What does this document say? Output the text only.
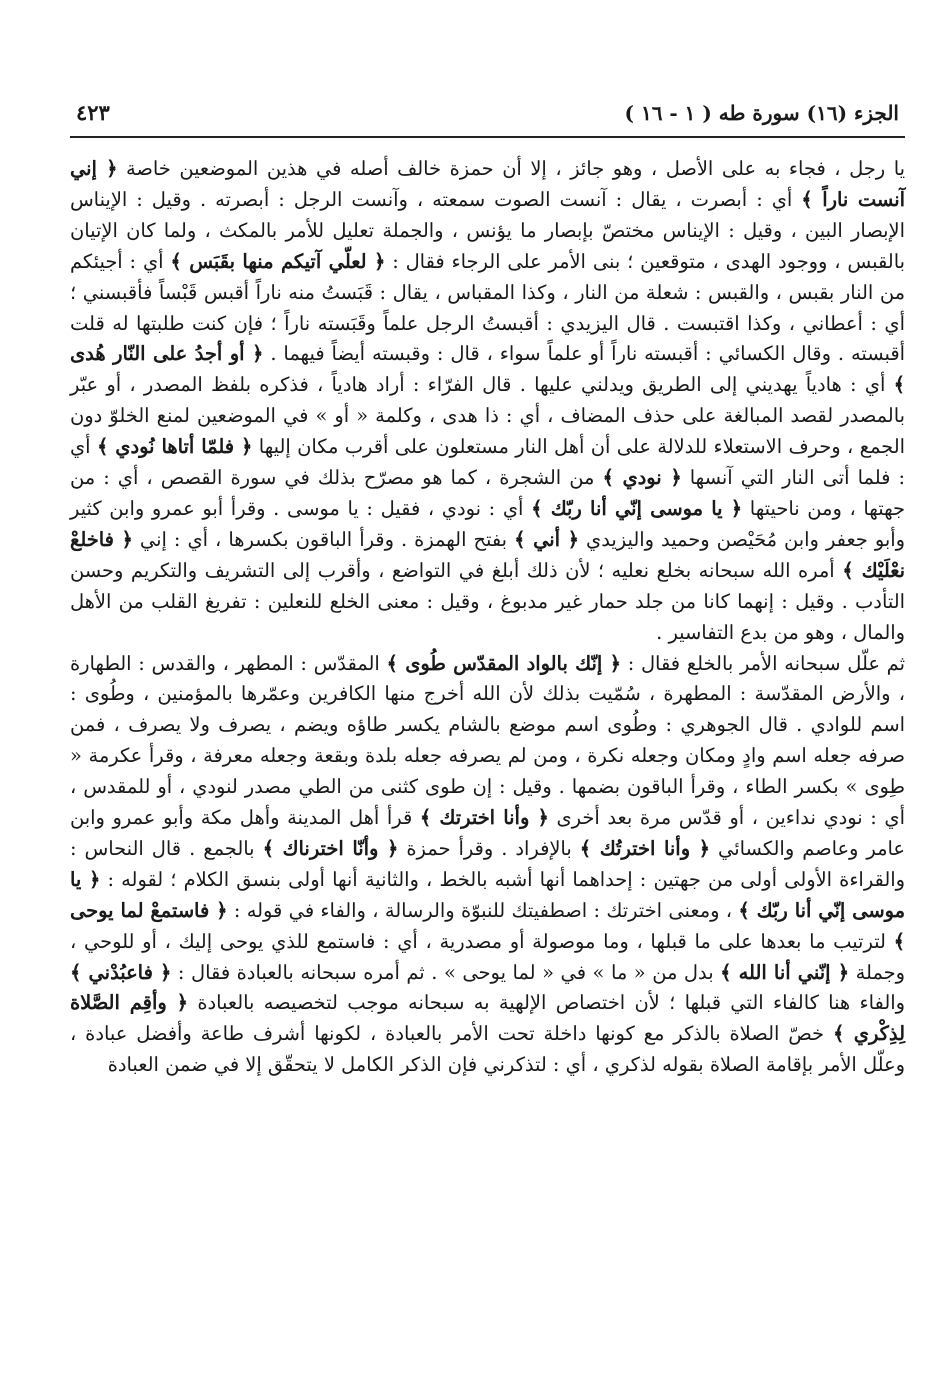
الجزء (١٦) سورة طه ( ١ - ١٦ )
٤٢٣

يا رجل ، فجاء به على الأصل ، وهو جائز ، إلا أن حمزة خالف أصله في هذين الموضعين خاصة ﴿ إني آنست ناراً ﴾ أي : أبصرت ، يقال : آنست الصوت سمعته ، وآنست الرجل : أبصرته . وقيل : الإيناس الإبصار البين ، وقيل : الإيناس مختصّ بإبصار ما يؤنس ، والجملة تعليل للأمر بالمكث ، ولما كان الإتيان بالقبس ، ووجود الهدى ، متوقعين ؛ بنى الأمر على الرجاء فقال : ﴿ لعلّي آتيكم منها بقَبَس ﴾ أي : أجيئكم من النار بقبس ، والقبس : شعلة من النار ، وكذا المقباس ، يقال : قَبَستُ منه ناراً أقبس قَبْساً فأقبسني ؛ أي : أعطاني ، وكذا اقتبست . قال اليزيدي : أقبستُ الرجل علماً وقَبَسته ناراً ؛ فإن كنت طلبتها له قلت أقبسته . وقال الكسائي : أقبسته ناراً أو علماً سواء ، قال : وقبسته أيضاً فيهما . ﴿ أو أجدُ على النّار هُدى ﴾ أي : هادياً يهديني إلى الطريق ويدلني عليها . قال الفرّاء : أراد هادياً ، فذكره بلفظ المصدر ، أو عبّر بالمصدر لقصد المبالغة على حذف المضاف ، أي : ذا هدى ، وكلمة « أو » في الموضعين لمنع الخلوّ دون الجمع ، وحرف الاستعلاء للدلالة على أن أهل النار مستعلون على أقرب مكان إليها ﴿ فلمّا أتاها نُودي ﴾ أي : فلما أتى النار التي آنسها ﴿ نودي ﴾ من الشجرة ، كما هو مصرّح بذلك في سورة القصص ، أي : من جهتها ، ومن ناحيتها ﴿ يا موسى إنّي أنا ربّك ﴾ أي : نودي ، فقيل : يا موسى . وقرأ أبو عمرو وابن كثير وأبو جعفر وابن مُحَيْصن وحميد واليزيدي ﴿ أني ﴾ بفتح الهمزة . وقرأ الباقون بكسرها ، أي : إني ﴿ فاخلعْ نعْلَيْك ﴾ أمره الله سبحانه بخلع نعليه ؛ لأن ذلك أبلغ في التواضع ، وأقرب إلى التشريف والتكريم وحسن التأدب . وقيل : إنهما كانا من جلد حمار غير مدبوغ ، وقيل : معنى الخلع للنعلين : تفريغ القلب من الأهل والمال ، وهو من بدع التفاسير .

ثم علّل سبحانه الأمر بالخلع فقال : ﴿ إنّك بالواد المقدّس طُوى ﴾ المقدّس : المطهر ، والقدس : الطهارة ، والأرض المقدّسة : المطهرة ، سُمّيت بذلك لأن الله أخرج منها الكافرين وعمّرها بالمؤمنين ، وطُوى : اسم للوادي . قال الجوهري : وطُوى اسم موضع بالشام يكسر طاؤه ويضم ، يصرف ولا يصرف ، فمن صرفه جعله اسم وادٍ ومكان وجعله نكرة ، ومن لم يصرفه جعله بلدة وبقعة وجعله معرفة ، وقرأ عكرمة « طِوى » بكسر الطاء ، وقرأ الباقون بضمها . وقيل : إن طوى كثنى من الطي مصدر لنودي ، أو للمقدس ، أي : نودي نداءين ، أو قدّس مرة بعد أخرى ﴿ وأنا اخترتك ﴾ قرأ أهل المدينة وأهل مكة وأبو عمرو وابن عامر وعاصم والكسائي ﴿ وأنا اخترتُك ﴾ بالإفراد . وقرأ حمزة ﴿ وأنّا اخترناك ﴾ بالجمع . قال النحاس : والقراءة الأولى أولى من جهتين : إحداهما أنها أشبه بالخط ، والثانية أنها أولى بنسق الكلام ؛ لقوله : ﴿ يا موسى إنّي أنا ربّك ﴾ ، ومعنى اخترتك : اصطفيتك للنبوّة والرسالة ، والفاء في قوله : ﴿ فاستمعْ لما يوحى ﴾ لترتيب ما بعدها على ما قبلها ، وما موصولة أو مصدرية ، أي : فاستمع للذي يوحى إليك ، أو للوحي ، وجملة ﴿ إنّني أنا الله ﴾ بدل من « ما » في « لما يوحى » . ثم أمره سبحانه بالعبادة فقال : ﴿ فاعبُدْني ﴾ والفاء هنا كالفاء التي قبلها ؛ لأن اختصاص الإلهية به سبحانه موجب لتخصيصه بالعبادة ﴿ وأقِم الصَّلاة لِذِكْري ﴾ خصّ الصلاة بالذكر مع كونها داخلة تحت الأمر بالعبادة ، لكونها أشرف طاعة وأفضل عبادة ، وعلّل الأمر بإقامة الصلاة بقوله لذكري ، أي : لتذكرني فإن الذكر الكامل لا يتحقّق إلا في ضمن العبادة
